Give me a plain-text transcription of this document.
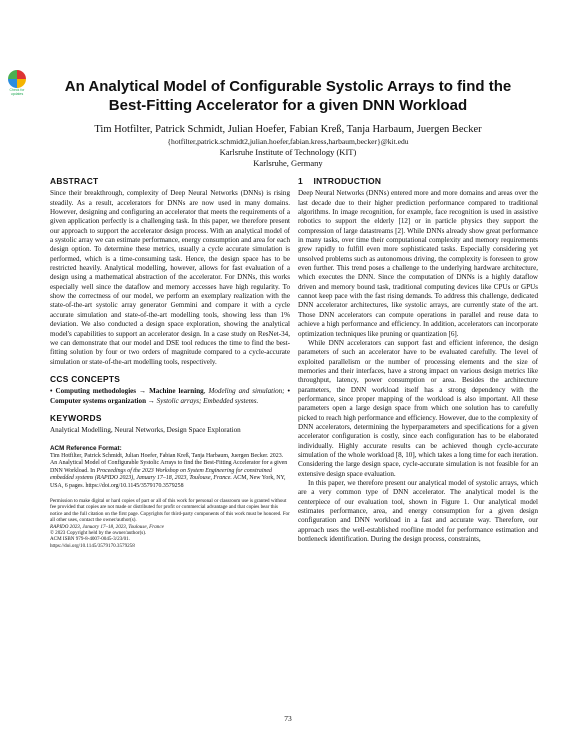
Check for
updates	An Analytical Model of Configurable Systolic Arrays to find the Best-Fitting Accelerator for a given DNN Workload
Tim Hotfilter, Patrick Schmidt, Julian Hoefer, Fabian Kreß, Tanja Harbaum, Juergen Becker
{hotfilter,patrick.schmidt2,julian.hoefer,fabian.kress,harbaum,becker}@kit.edu
Karlsruhe Institute of Technology (KIT)
Karlsruhe, Germany
ABSTRACT

Since their breakthrough, complexity of Deep Neural Networks (DNNs) is rising steadily. As a result, accelerators for DNNs are now used in many domains. However, designing and configuring an accelerator that meets the requirements of a given application perfectly is a challenging task. In this paper, we therefore present our approach to support the accelerator design process. With an analytical model of a systolic array we can estimate performance, energy consumption and area for each design option. To determine these metrics, usually a cycle accurate simulation is performed, which is a time-consuming task. Hence, the design space has to be restricted heavily. Analytical modelling, however, allows for fast evaluation of a design using a mathematical abstraction of the accelerator. For DNNs, this works especially well since the dataflow and memory accesses have high regularity. To show the correctness of our model, we perform an exemplary realization with the state-of-the-art systolic array generator Gemmini and compare it with a cycle accurate simulation and state-of-the-art modelling tools, showing less than 1% deviation. We also conducted a design space exploration, showing the analytical model's capabilities to support an accelerator design. In a case study on ResNet-34, we can demonstrate that our model and DSE tool reduces the time to find the best-fitting solution by four or two orders of magnitude compared to a cycle-accurate simulation or state-of-the-art modelling tools, respectively.

CCS CONCEPTS

• Computing methodologies → Machine learning, Modeling and simulation; • Computer systems organization → Systolic arrays; Embedded systems.

KEYWORDS

Analytical Modelling, Neural Networks, Design Space Exploration

ACM Reference Format:

Tim Hotfilter, Patrick Schmidt, Julian Hoefer, Fabian Kreß, Tanja Harbaum, Juergen Becker. 2023. An Analytical Model of Configurable Systolic Arrays to find the Best-Fitting Accelerator for a given DNN Workload. In Proceedings of the 2023 Workshop on System Engineering for constrained embedded systems (RAPIDO 2023), January 17–18, 2023, Toulouse, France. ACM, New York, NY, USA, 6 pages. https://doi.org/10.1145/3579170.3579258

Permission to make digital or hard copies of part or all of this work for personal or classroom use is granted without fee provided that copies are not made or distributed for profit or commercial advantage and that copies bear this notice and the full citation on the first page. Copyrights for third-party components of this work must be honored. For all other uses, contact the owner/author(s).
RAPIDO 2023, January 17–18, 2023, Toulouse, France
© 2023 Copyright held by the owner/author(s).
ACM ISBN 979-8-4007-0045-3/23/01.
https://doi.org/10.1145/3579170.3579258
1    INTRODUCTION

Deep Neural Networks (DNNs) entered more and more domains and areas over the last decade due to their higher prediction performance compared to traditional algorithms. In image recognition, for example, face recognition is used in assistive robotics to support the elderly [12] or in particle physics they support the compression of large datastreams [2]. While DNNs already show great performance in many tasks, over time their computational complexity and memory requirements grew rapidly to fulfill even more sophisticated tasks. Especially considering yet unsolved problems such as autonomous driving, the complexity is foreseen to grow even further. This trend poses a challenge to the underlying hardware architecture, which executes the DNN. Since the computation of DNNs is a highly dataflow driven and memory bound task, traditional computing devices like CPUs or GPUs cannot keep pace with the fast rising demands. To address this challenge, dedicated DNN accelerator architectures, like systolic arrays, are currently state of the art. Those DNN accelerators can compute operations in parallel and reuse data to achieve a high performance and efficiency. In addition, accelerators can incorporate optimization techniques like pruning or quantization [6].

While DNN accelerators can support fast and efficient inference, the design parameters of such an accelerator have to be evaluated carefully. The level of exploited parallelism or the number of processing elements and the size of memories and their interfaces, have a strong impact on various design metrics like throughput, latency, power consumption or area. Besides the architecture parameters, the DNN workload itself has a strong dependency with the performance, since proper mapping of the workload is also important. All these parameters open a large design space from which one solution has to carefully picked to reach high performance and efficiency. However, due to the complexity of DNN accelerators, determining the hyperparameters and specifications for a given accelerator configuration is costly, since each configuration has to be elaborated individually. Highly accurate results can be achieved though cycle-accurate simulation of the whole workload [8, 10], which takes a long time for each iteration. Considering the large design space, cycle-accurate simulation is not feasible for an extensive design space evaluation.

In this paper, we therefore present our analytical model of systolic arrays, which are a very common type of DNN accelerator. The analytical model is the centerpiece of our evaluation tool, shown in Figure 1. Our analytical model estimates performance, area, and energy consumption for a given design configuration and DNN workload in a fast and accurate way. Therefore, our approach uses the well-established roofline model for performance estimation and bottleneck identification. During the design process, constraints,

73
